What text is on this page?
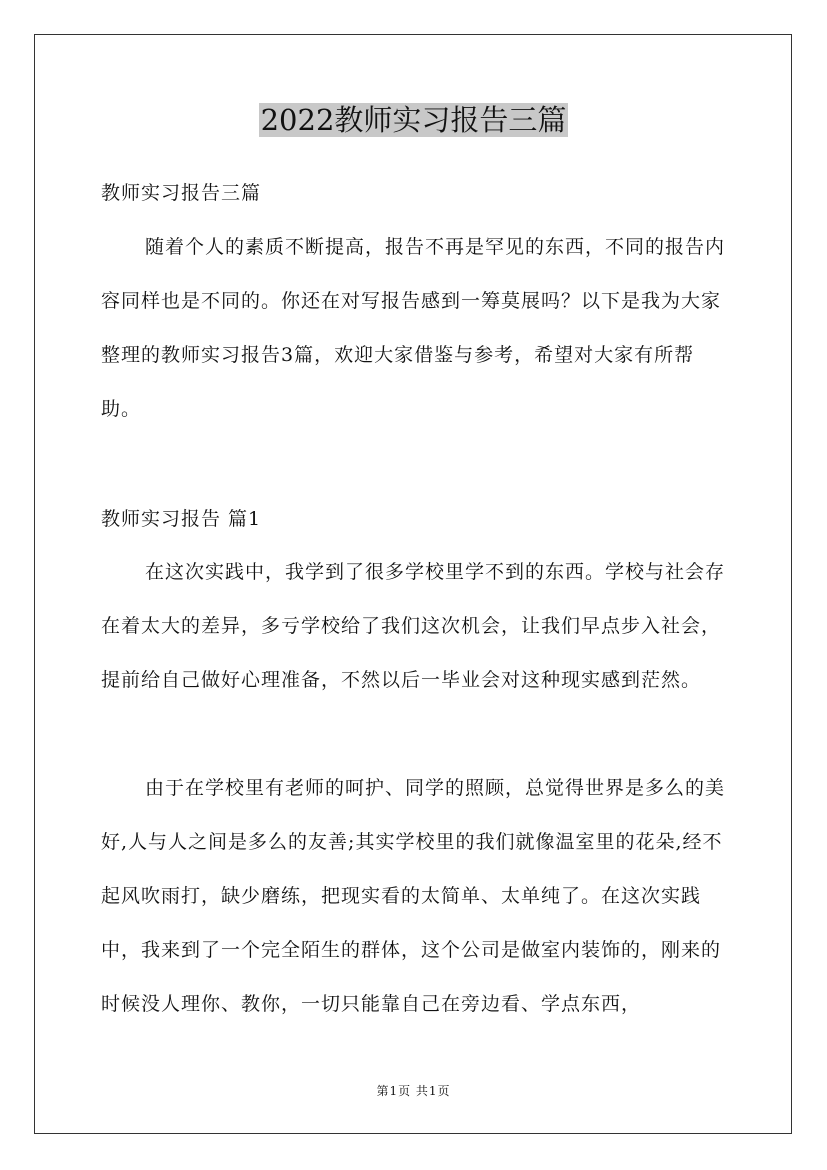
2022教师实习报告三篇

教师实习报告三篇

随着个人的素质不断提高，报告不再是罕见的东西，不同的报告内容同样也是不同的。你还在对写报告感到一筹莫展吗？以下是我为大家整理的教师实习报告3篇，欢迎大家借鉴与参考，希望对大家有所帮助。

教师实习报告 篇1

在这次实践中，我学到了很多学校里学不到的东西。学校与社会存在着太大的差异，多亏学校给了我们这次机会，让我们早点步入社会，提前给自己做好心理准备，不然以后一毕业会对这种现实感到茫然。

由于在学校里有老师的呵护、同学的照顾，总觉得世界是多么的美好,人与人之间是多么的友善;其实学校里的我们就像温室里的花朵,经不起风吹雨打，缺少磨练，把现实看的太简单、太单纯了。在这次实践中，我来到了一个完全陌生的群体，这个公司是做室内装饰的，刚来的时候没人理你、教你，一切只能靠自己在旁边看、学点东西，

第1页 共1页
